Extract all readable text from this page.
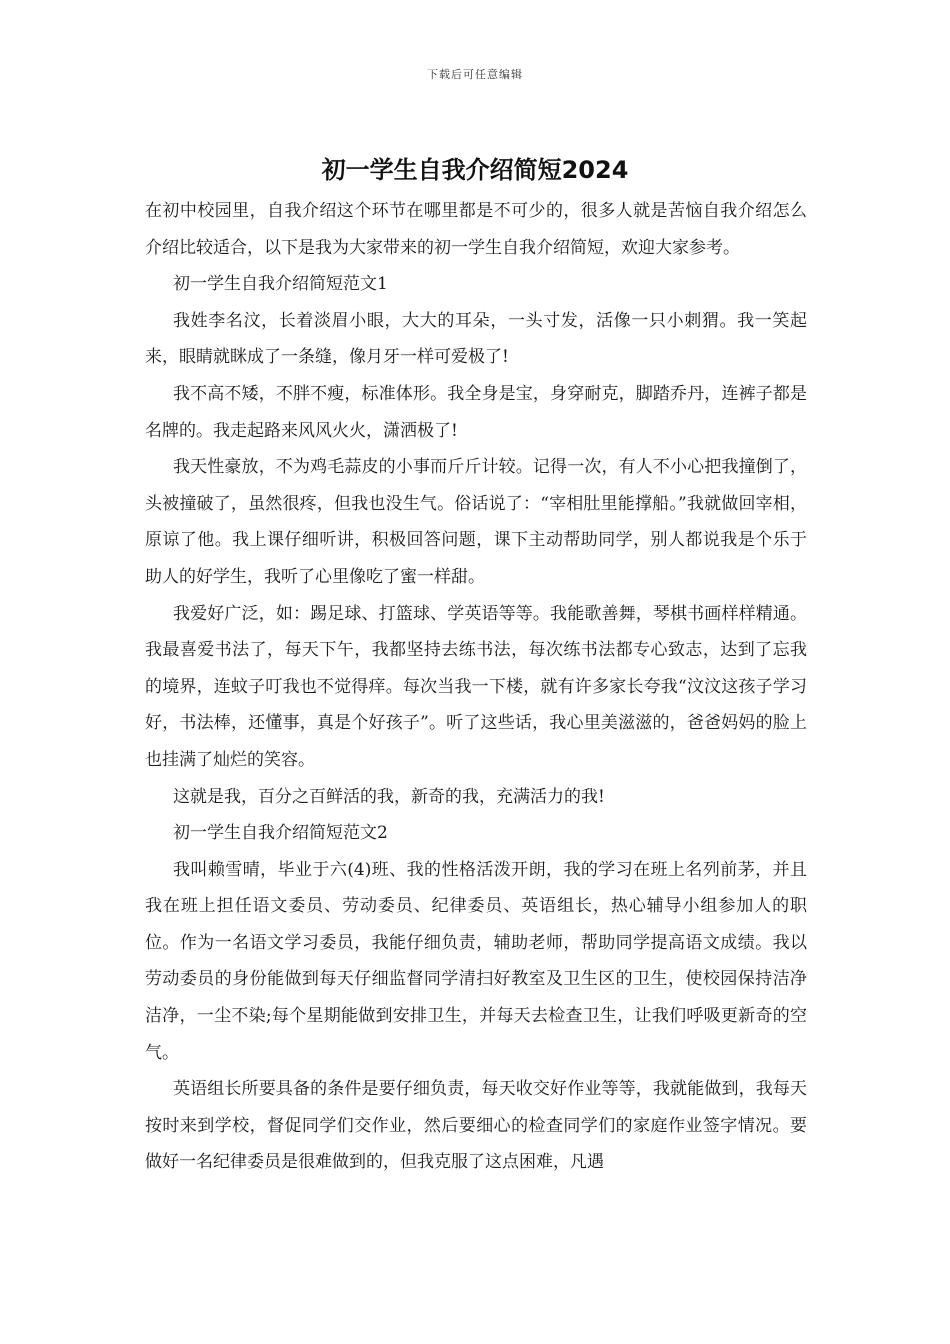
下载后可任意编辑
初一学生自我介绍简短2024

在初中校园里，自我介绍这个环节在哪里都是不可少的，很多人就是苦恼自我介绍怎么介绍比较适合，以下是我为大家带来的初一学生自我介绍简短，欢迎大家参考。

初一学生自我介绍简短范文1

我姓李名汶，长着淡眉小眼，大大的耳朵，一头寸发，活像一只小刺猬。我一笑起来，眼睛就眯成了一条缝，像月牙一样可爱极了!

我不高不矮，不胖不瘦，标准体形。我全身是宝，身穿耐克，脚踏乔丹，连裤子都是名牌的。我走起路来风风火火，潇洒极了!

我天性豪放，不为鸡毛蒜皮的小事而斤斤计较。记得一次，有人不小心把我撞倒了，头被撞破了，虽然很疼，但我也没生气。俗话说了：“宰相肚里能撑船。”我就做回宰相，原谅了他。我上课仔细听讲，积极回答问题，课下主动帮助同学，别人都说我是个乐于助人的好学生，我听了心里像吃了蜜一样甜。

我爱好广泛，如：踢足球、打篮球、学英语等等。我能歌善舞，琴棋书画样样精通。我最喜爱书法了，每天下午，我都坚持去练书法，每次练书法都专心致志，达到了忘我的境界，连蚊子叮我也不觉得痒。每次当我一下楼，就有许多家长夸我“汶汶这孩子学习好，书法棒，还懂事，真是个好孩子”。听了这些话，我心里美滋滋的，爸爸妈妈的脸上也挂满了灿烂的笑容。

这就是我，百分之百鲜活的我，新奇的我，充满活力的我!

初一学生自我介绍简短范文2

我叫赖雪晴，毕业于六(4)班、我的性格活泼开朗，我的学习在班上名列前茅，并且我在班上担任语文委员、劳动委员、纪律委员、英语组长，热心辅导小组参加人的职位。作为一名语文学习委员，我能仔细负责，辅助老师，帮助同学提高语文成绩。我以劳动委员的身份能做到每天仔细监督同学清扫好教室及卫生区的卫生，使校园保持洁净洁净，一尘不染;每个星期能做到安排卫生，并每天去检查卫生，让我们呼吸更新奇的空气。

英语组长所要具备的条件是要仔细负责，每天收交好作业等等，我就能做到，我每天按时来到学校，督促同学们交作业，然后要细心的检查同学们的家庭作业签字情况。要做好一名纪律委员是很难做到的，但我克服了这点困难，凡遇
